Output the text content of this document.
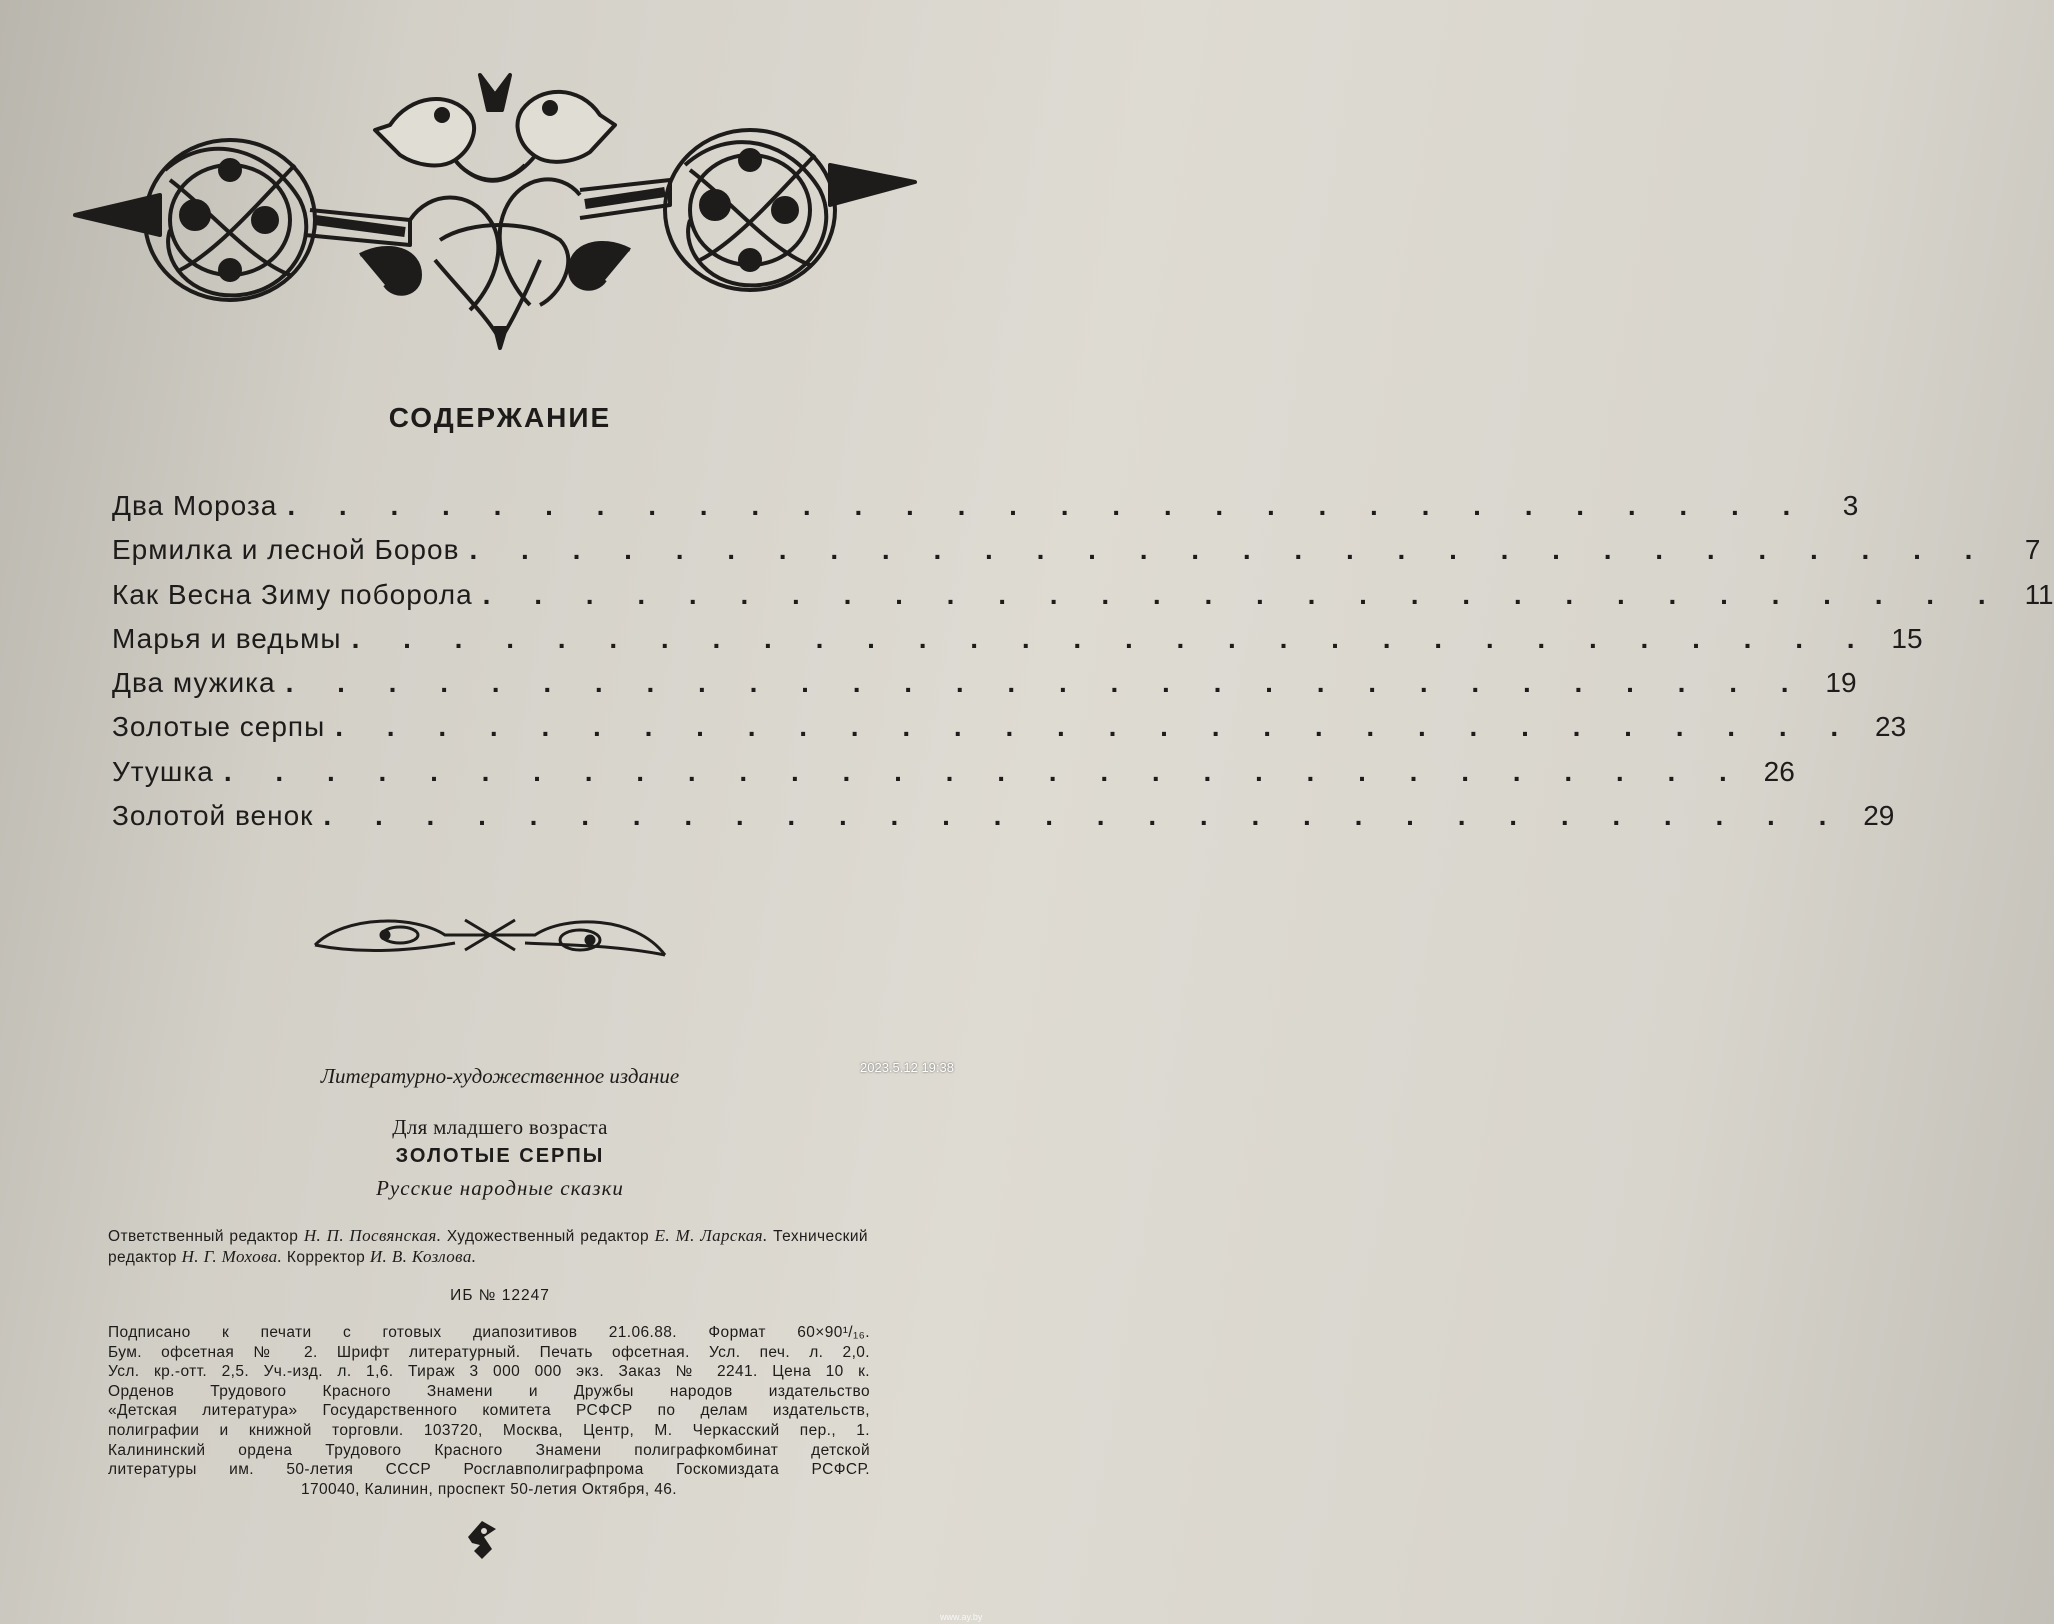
СОДЕРЖАНИЕ
Два Мороза . . . . . . . . . . . . . . . . . . . . . . . . . . . . . .	3
Ермилка и лесной Боров . . . . . . . . . . . . . . . . . . . . . . . . . . . . . .	7
Как Весна Зиму поборола . . . . . . . . . . . . . . . . . . . . . . . . . . . . . . 11
Марья и ведьмы . . . . . . . . . . . . . . . . . . . . . . . . . . . . . . 15
Два мужика . . . . . . . . . . . . . . . . . . . . . . . . . . . . . . 19
Золотые серпы . . . . . . . . . . . . . . . . . . . . . . . . . . . . . . 23
Утушка . . . . . . . . . . . . . . . . . . . . . . . . . . . . . . 26
Золотой венок . . . . . . . . . . . . . . . . . . . . . . . . . . . . . . 29
2023.5.12 19:38
Литературно-художественное издание
Для младшего возраста
ЗОЛОТЫЕ СЕРПЫ
Русские народные сказки
Ответственный редактор Н. П. Посвянская. Художественный редактор Е. М. Ларская. Технический редактор Н. Г. Мохова. Корректор И. В. Козлова.
ИБ № 12247
Подписано к печати с готовых диапозитивов 21.06.88. Формат 60×90¹/₁₆.
Бум. офсетная № 2. Шрифт литературный. Печать офсетная. Усл. печ. л. 2,0.
Усл. кр.-отт. 2,5. Уч.-изд. л. 1,6. Тираж 3 000 000 экз. Заказ № 2241. Цена 10 к.
Орденов Трудового Красного Знамени и Дружбы народов издательство
«Детская литература» Государственного комитета РСФСР по делам издательств,
полиграфии и книжной торговли. 103720, Москва, Центр, М. Черкасский пер., 1.
Калининский ордена Трудового Красного Знамени полиграфкомбинат детской
литературы им. 50-летия СССР Росглавполиграфпрома Госкомиздата РСФСР.
170040, Калинин, проспект 50-летия Октября, 46.
www.ay.by
